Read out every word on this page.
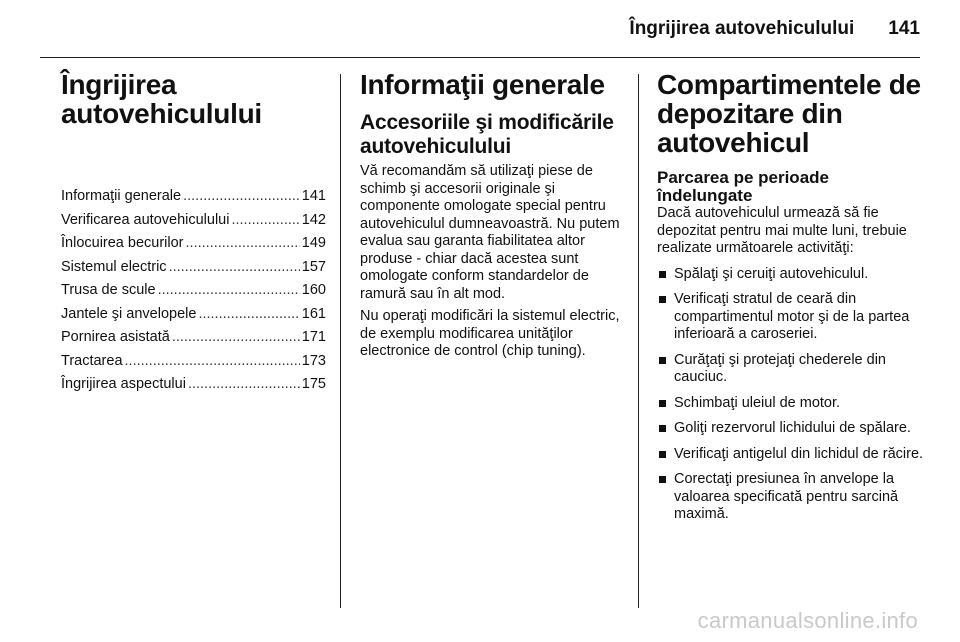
Îngrijirea autovehiculului 141
Îngrijirea autovehiculului
Informaţii generale .....	141
Verificarea autovehiculului .....	142
Înlocuirea becurilor .....	149
Sistemul electric .....	157
Trusa de scule .....	160
Jantele şi anvelopele .....	161
Pornirea asistată .....	171
Tractarea .....	173
Îngrijirea aspectului .....	175
Informaţii generale
Accesoriile şi modificările autovehiculului

Vă recomandăm să utilizaţi piese de schimb şi accesorii originale şi componente omologate special pentru autovehiculul dumneavoastră. Nu putem evalua sau garanta fiabilitatea altor produse - chiar dacă acestea sunt omologate conform standardelor de ramură sau în alt mod.

Nu operaţi modificări la sistemul electric, de exemplu modificarea unităţilor electronice de control (chip tuning).

Compartimentele de depozitare din autovehicul
Parcarea pe perioade îndelungate

Dacă autovehiculul urmează să fie depozitat pentru mai multe luni, trebuie realizate următoarele activităţi:

Spălaţi şi ceruiţi autovehiculul.
Verificaţi stratul de ceară din compartimentul motor şi de la partea inferioară a caroseriei.
Curăţaţi şi protejaţi chederele din cauciuc.
Schimbaţi uleiul de motor.
Goliţi rezervorul lichidului de spălare.
Verificaţi antigelul din lichidul de răcire.
Corectaţi presiunea în anvelope la valoarea specificată pentru sarcină maximă.
carmanualsonline.info
